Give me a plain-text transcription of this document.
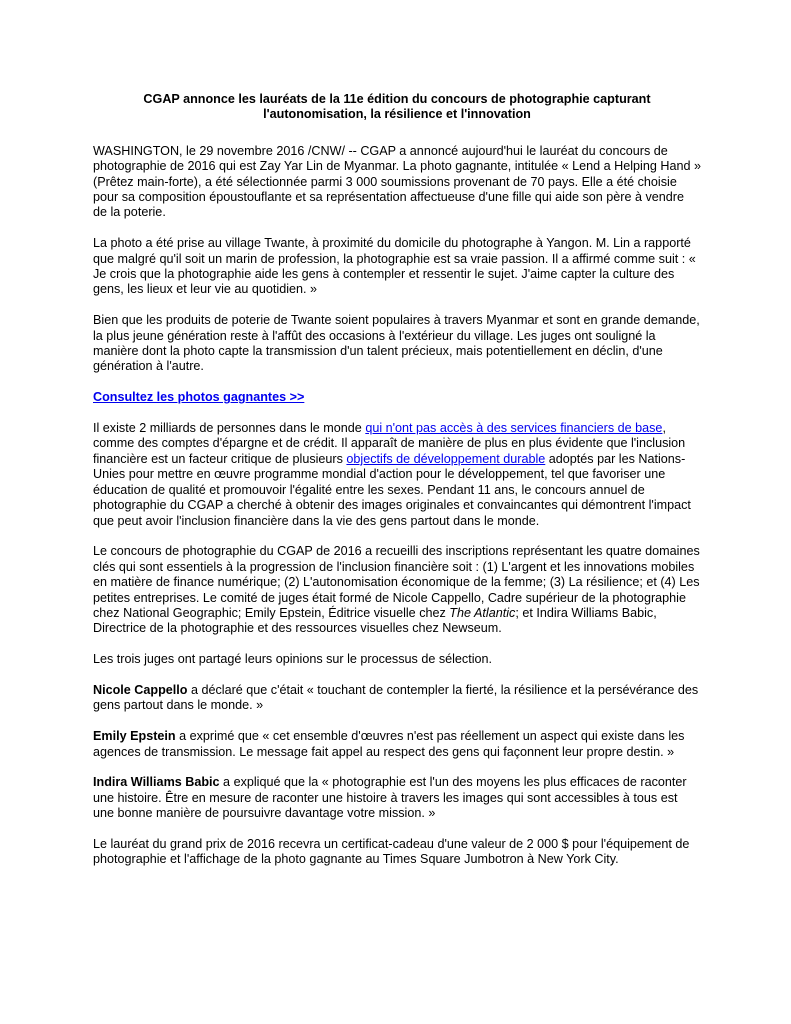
CGAP annonce les lauréats de la 11e édition du concours de photographie capturant
l'autonomisation, la résilience et l'innovation

WASHINGTON, le 29 novembre 2016 /CNW/ -- CGAP a annoncé aujourd'hui le lauréat du concours de photographie de 2016 qui est Zay Yar Lin de Myanmar. La photo gagnante, intitulée « Lend a Helping Hand » (Prêtez main-forte), a été sélectionnée parmi 3 000 soumissions provenant de 70 pays. Elle a été choisie pour sa composition époustouflante et sa représentation affectueuse d'une fille qui aide son père à vendre de la poterie.

La photo a été prise au village Twante, à proximité du domicile du photographe à Yangon. M. Lin a rapporté que malgré qu'il soit un marin de profession, la photographie est sa vraie passion. Il a affirmé comme suit : « Je crois que la photographie aide les gens à contempler et ressentir le sujet. J'aime capter la culture des gens, les lieux et leur vie au quotidien. »

Bien que les produits de poterie de Twante soient populaires à travers Myanmar et sont en grande demande, la plus jeune génération reste à l'affût des occasions à l'extérieur du village. Les juges ont souligné la manière dont la photo capte la transmission d'un talent précieux, mais potentiellement en déclin, d'une génération à l'autre.

Consultez les photos gagnantes >>

Il existe 2 milliards de personnes dans le monde qui n'ont pas accès à des services financiers de base, comme des comptes d'épargne et de crédit. Il apparaît de manière de plus en plus évidente que l'inclusion financière est un facteur critique de plusieurs objectifs de développement durable adoptés par les Nations-Unies pour mettre en œuvre programme mondial d'action pour le développement, tel que favoriser une éducation de qualité et promouvoir l'égalité entre les sexes. Pendant 11 ans, le concours annuel de photographie du CGAP a cherché à obtenir des images originales et convaincantes qui démontrent l'impact que peut avoir l'inclusion financière dans la vie des gens partout dans le monde.

Le concours de photographie du CGAP de 2016 a recueilli des inscriptions représentant les quatre domaines clés qui sont essentiels à la progression de l'inclusion financière soit : (1) L'argent et les innovations mobiles en matière de finance numérique; (2) L'autonomisation économique de la femme; (3) La résilience; et (4) Les petites entreprises. Le comité de juges était formé de Nicole Cappello, Cadre supérieur de la photographie chez National Geographic; Emily Epstein, Éditrice visuelle chez The Atlantic; et Indira Williams Babic, Directrice de la photographie et des ressources visuelles chez Newseum.

Les trois juges ont partagé leurs opinions sur le processus de sélection.

Nicole Cappello a déclaré que c'était « touchant de contempler la fierté, la résilience et la persévérance des gens partout dans le monde. »

Emily Epstein a exprimé que « cet ensemble d'œuvres n'est pas réellement un aspect qui existe dans les agences de transmission. Le message fait appel au respect des gens qui façonnent leur propre destin. »

Indira Williams Babic a expliqué que la « photographie est l'un des moyens les plus efficaces de raconter une histoire. Être en mesure de raconter une histoire à travers les images qui sont accessibles à tous est une bonne manière de poursuivre davantage votre mission. »

Le lauréat du grand prix de 2016 recevra un certificat-cadeau d'une valeur de 2 000 $ pour l'équipement de photographie et l'affichage de la photo gagnante au Times Square Jumbotron à New York City.
